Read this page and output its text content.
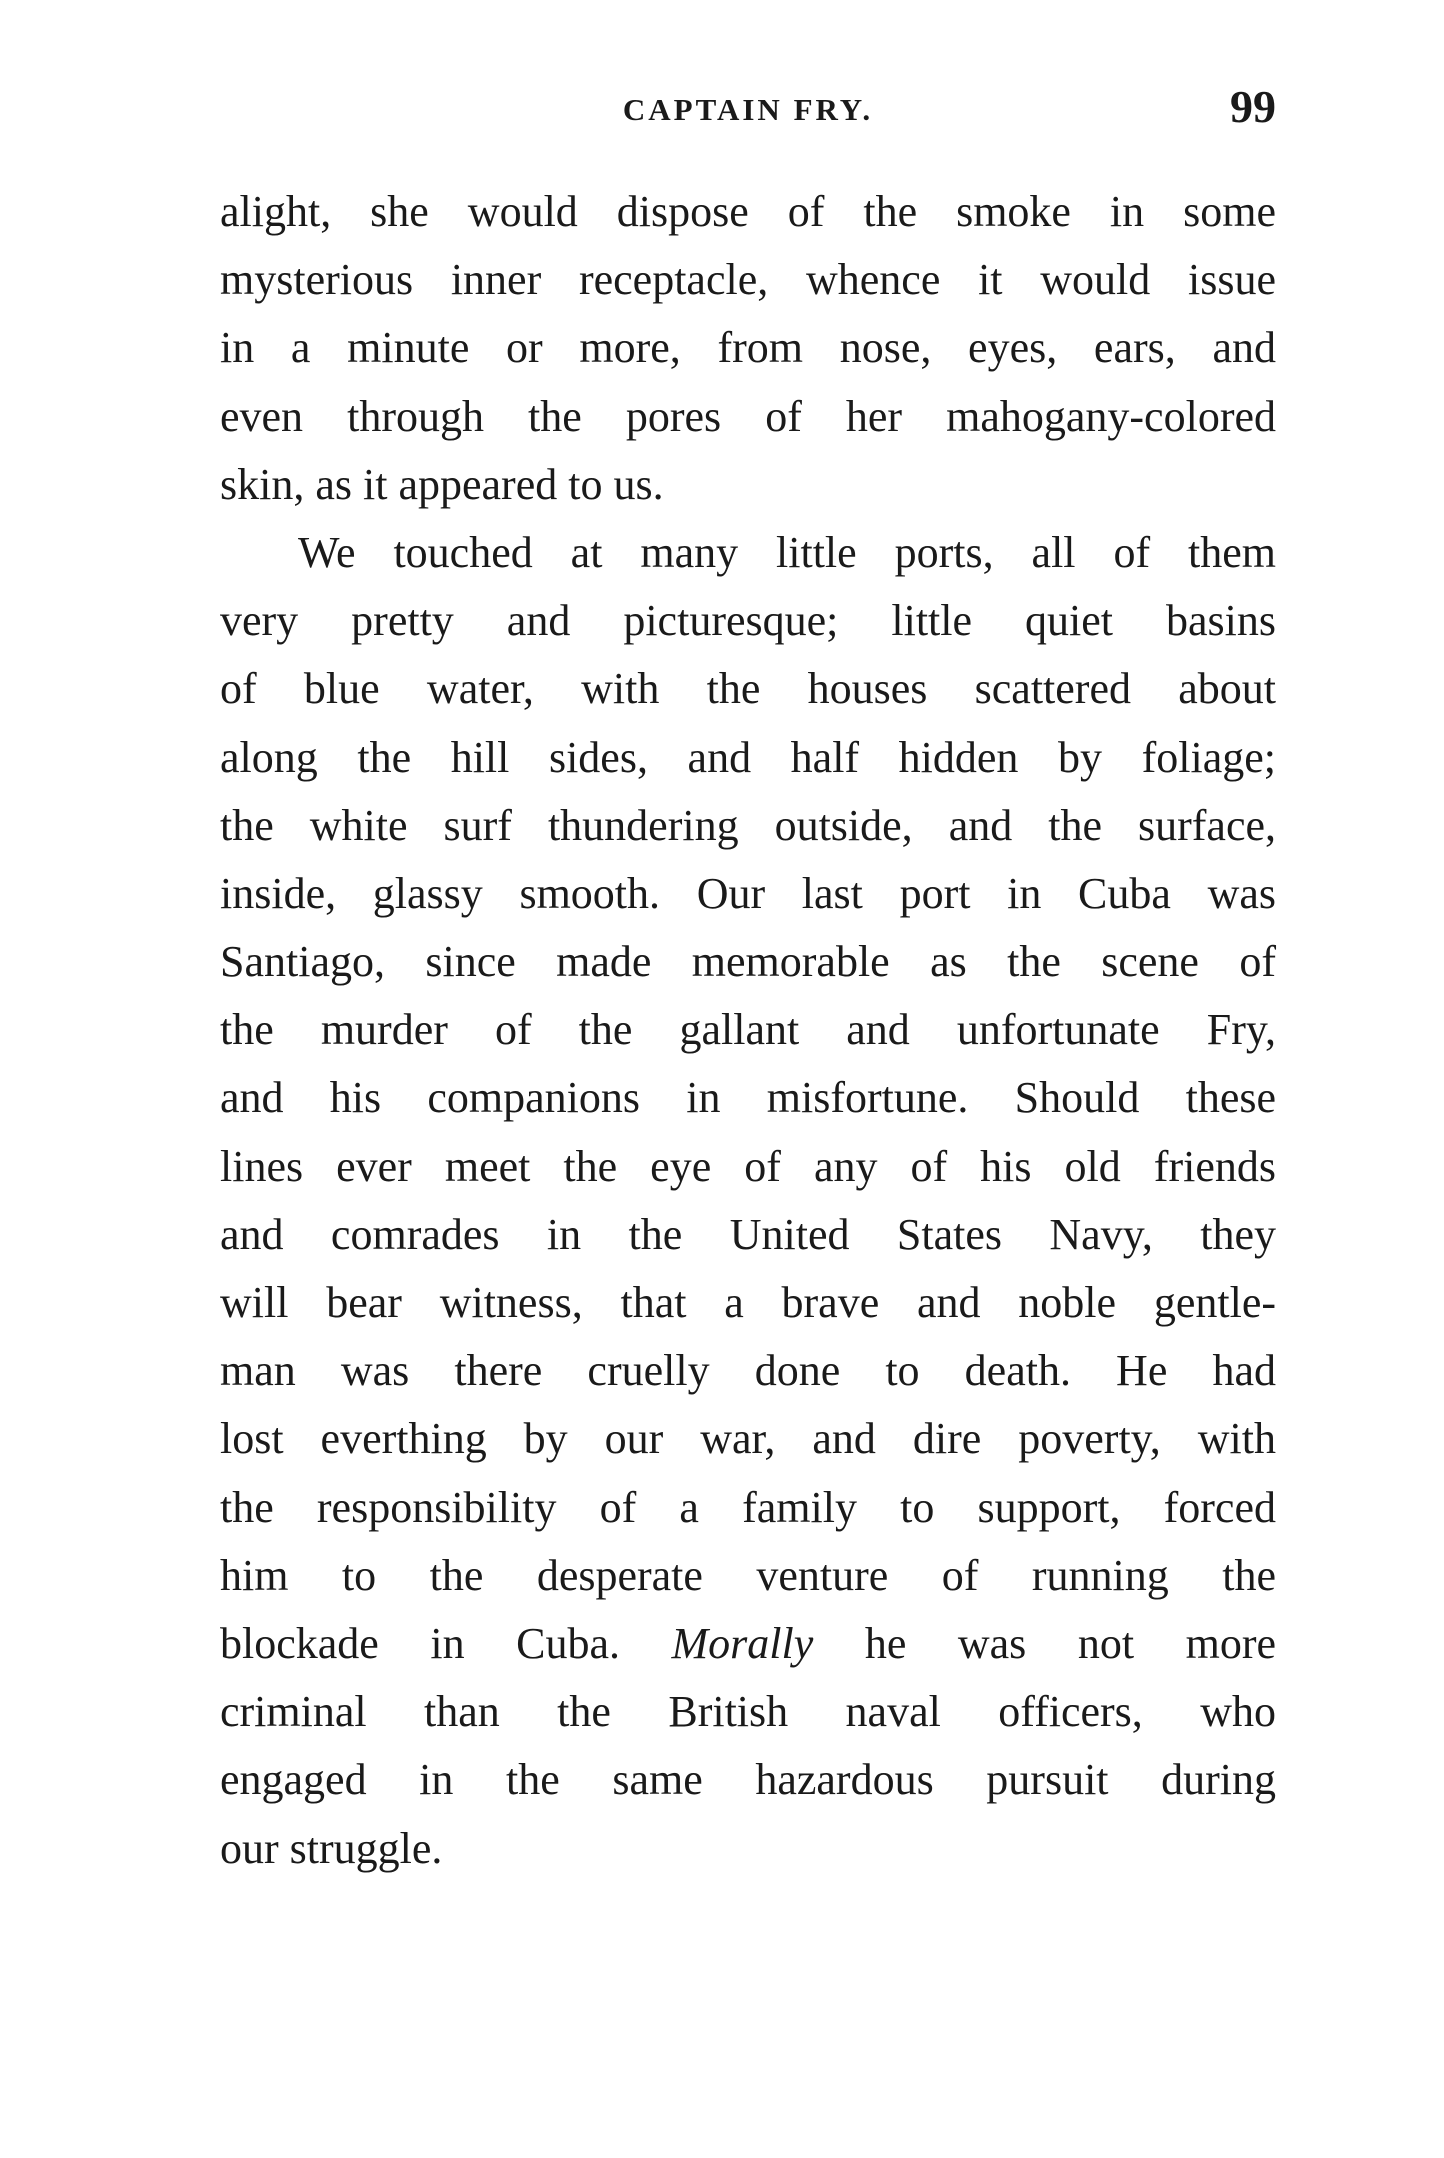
CAPTAIN FRY.	99
alight, she would dispose of the smoke in some
mysterious inner receptacle, whence it would issue
in a minute or more, from nose, eyes, ears, and
even through the pores of her mahogany-colored
skin, as it appeared to us.
We touched at many little ports, all of them
very pretty and picturesque; little quiet basins
of blue water, with the houses scattered about
along the hill sides, and half hidden by foliage;
the white surf thundering outside, and the surface,
inside, glassy smooth. Our last port in Cuba was
Santiago, since made memorable as the scene of
the murder of the gallant and unfortunate Fry,
and his companions in misfortune. Should these
lines ever meet the eye of any of his old friends
and comrades in the United States Navy, they
will bear witness, that a brave and noble gentle-
man was there cruelly done to death. He had
lost everthing by our war, and dire poverty, with
the responsibility of a family to support, forced
him to the desperate venture of running the
blockade in Cuba. Morally he was not more
criminal than the British naval officers, who
engaged in the same hazardous pursuit during
our struggle.
